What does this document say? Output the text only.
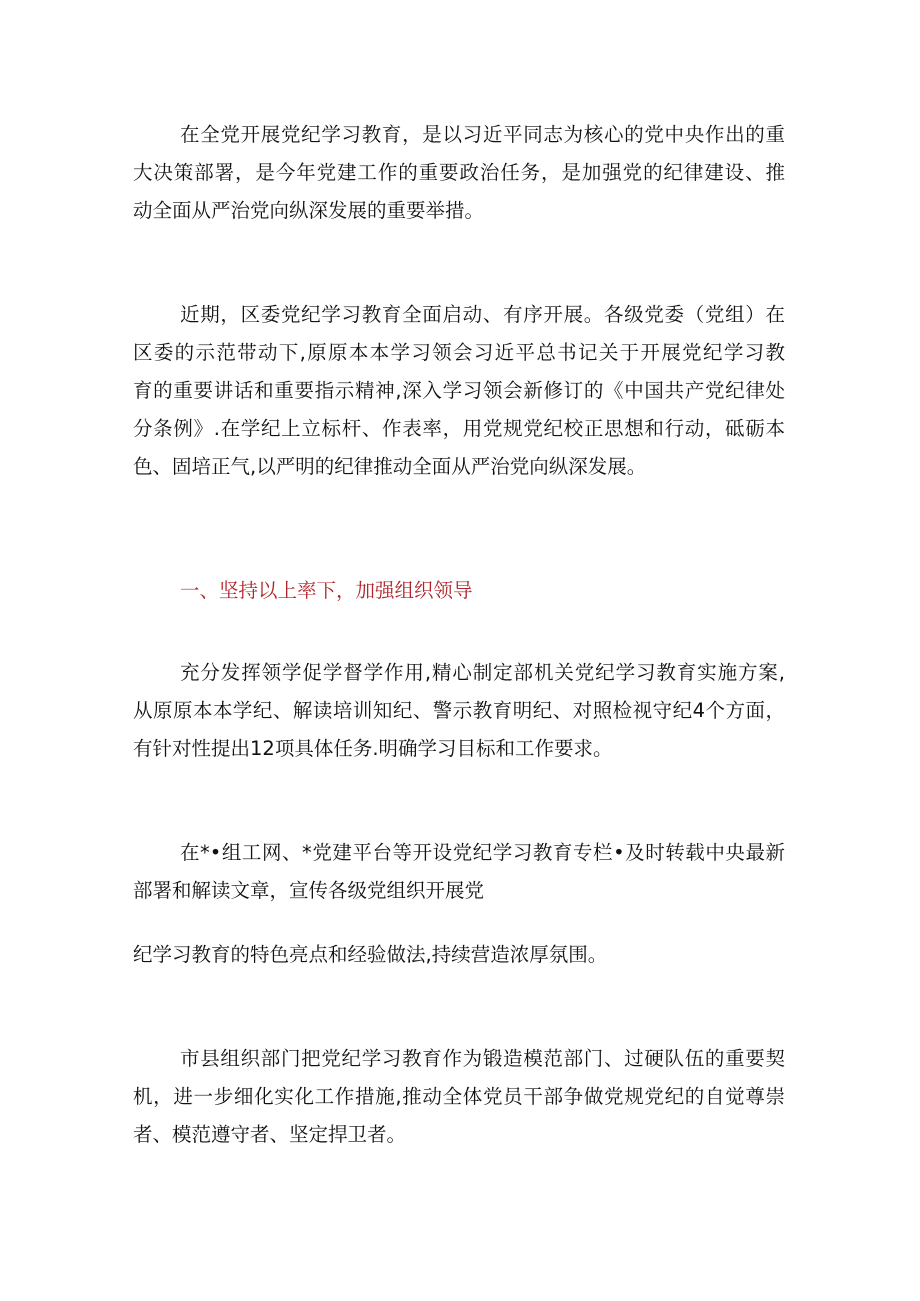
在全党开展党纪学习教育，是以习近平同志为核心的党中央作出的重
大决策部署，是今年党建工作的重要政治任务，是加强党的纪律建设、推
动全面从严治党向纵深发展的重要举措。
近期，区委党纪学习教育全面启动、有序开展。各级党委（党组）在
区委的示范带动下,原原本本学习领会习近平总书记关于开展党纪学习教
育的重要讲话和重要指示精神,深入学习领会新修订的《中国共产党纪律处
分条例》.在学纪上立标杆、作表率，用党规党纪校正思想和行动，砥砺本
色、固培正气,以严明的纪律推动全面从严治党向纵深发展。
一、坚持以上率下，加强组织领导
充分发挥领学促学督学作用,精心制定部机关党纪学习教育实施方案,
从原原本本学纪、解读培训知纪、警示教育明纪、对照检视守纪4个方面，
有针对性提出12项具体任务.明确学习目标和工作要求。
在*•组工网、*党建平台等开设党纪学习教育专栏•及时转载中央最新
部署和解读文章，宣传各级党组织开展党
纪学习教育的特色亮点和经验做法,持续营造浓厚氛围。
市县组织部门把党纪学习教育作为锻造模范部门、过硬队伍的重要契
机，进一步细化实化工作措施,推动全体党员干部争做党规党纪的自觉尊崇
者、模范遵守者、坚定捍卫者。
